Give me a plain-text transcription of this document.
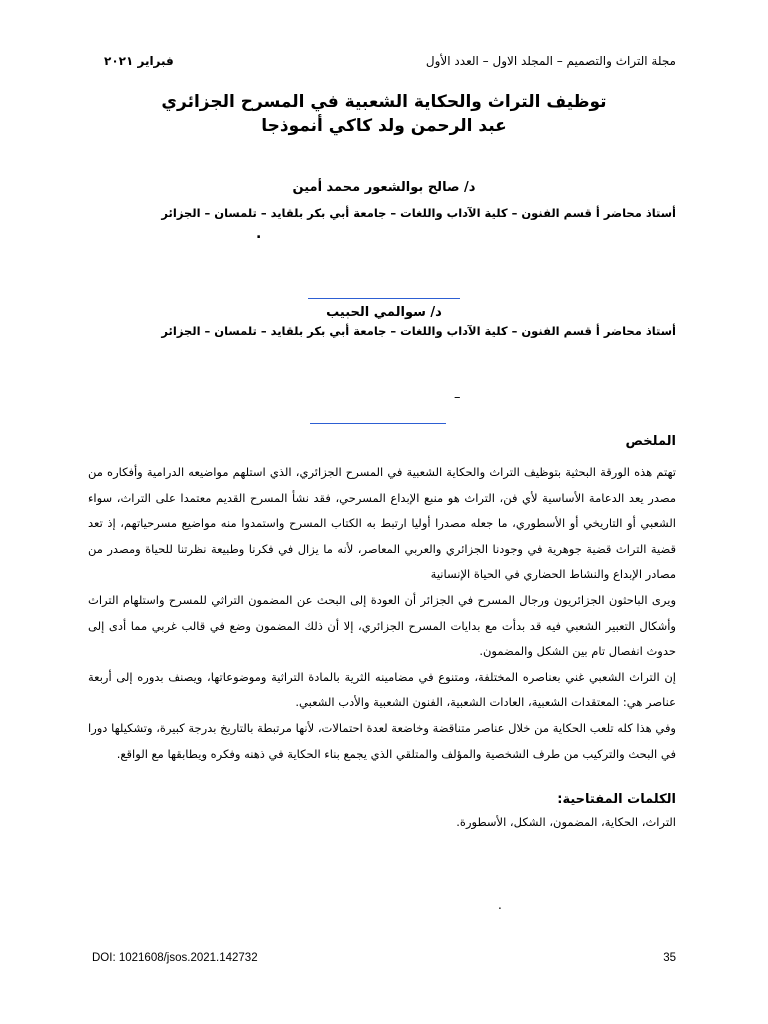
فبراير ٢٠٢١	مجلة التراث والتصميم – المجلد الاول – العدد الأول
توظيف التراث والحكاية الشعبية في المسرح الجزائري
عبد الرحمن ولد كاكي أنموذجا
د/ صالح بوالشعور محمد أمين
أستاذ محاضر أ قسم الفنون – كلية الآداب واللغات – جامعة أبي بكر بلقايد – تلمسان – الجزائر
.
د/ سوالمي الحبيب
أستاذ محاضر أ قسم الفنون – كلية الآداب واللغات – جامعة أبي بكر بلقايد – تلمسان – الجزائر
–
الملخص

تهتم هذه الورقة البحثية بتوظيف التراث والحكاية الشعبية في المسرح الجزائري، الذي استلهم مواضيعه الدرامية وأفكاره من مصدر يعد الدعامة الأساسية لأي فن، التراث هو منبع الإبداع المسرحي، فقد نشأ المسرح القديم معتمدا على التراث، سواء الشعبي أو التاريخي أو الأسطوري، ما جعله مصدرا أوليا ارتبط به الكتاب المسرح واستمدوا منه مواضيع مسرحياتهم، إذ تعد قضية التراث قضية جوهرية في وجودنا الجزائري والعربي المعاصر، لأنه ما يزال في فكرنا وطبيعة نظرتنا للحياة ومصدر من مصادر الإبداع والنشاط الحضاري في الحياة الإنسانية

ويرى الباحثون الجزائريون ورجال المسرح في الجزائر أن العودة إلى البحث عن المضمون التراثي للمسرح واستلهام التراث وأشكال التعبير الشعبي فيه قد بدأت مع بدايات المسرح الجزائري، إلا أن ذلك المضمون وضع في قالب غربي مما أدى إلى حدوث انفصال تام بين الشكل والمضمون.

إن التراث الشعبي غني بعناصره المختلفة، ومتنوع في مضامينه الثرية بالمادة التراثية وموضوعاتها، ويصنف بدوره إلى أربعة عناصر هي: المعتقدات الشعبية، العادات الشعبية، الفنون الشعبية والأدب الشعبي.

وفي هذا كله تلعب الحكاية من خلال عناصر متناقضة وخاضعة لعدة احتمالات، لأنها مرتبطة بالتاريخ بدرجة كبيرة، وتشكيلها دورا في البحث والتركيب من طرف الشخصية والمؤلف والمتلقي الذي يجمع بناء الحكاية في ذهنه وفكره ويطابقها مع الواقع.

الكلمات المفتاحية:
التراث، الحكاية، المضمون، الشكل، الأسطورة.
.
DOI: 1021608/jsos.2021.142732	35
